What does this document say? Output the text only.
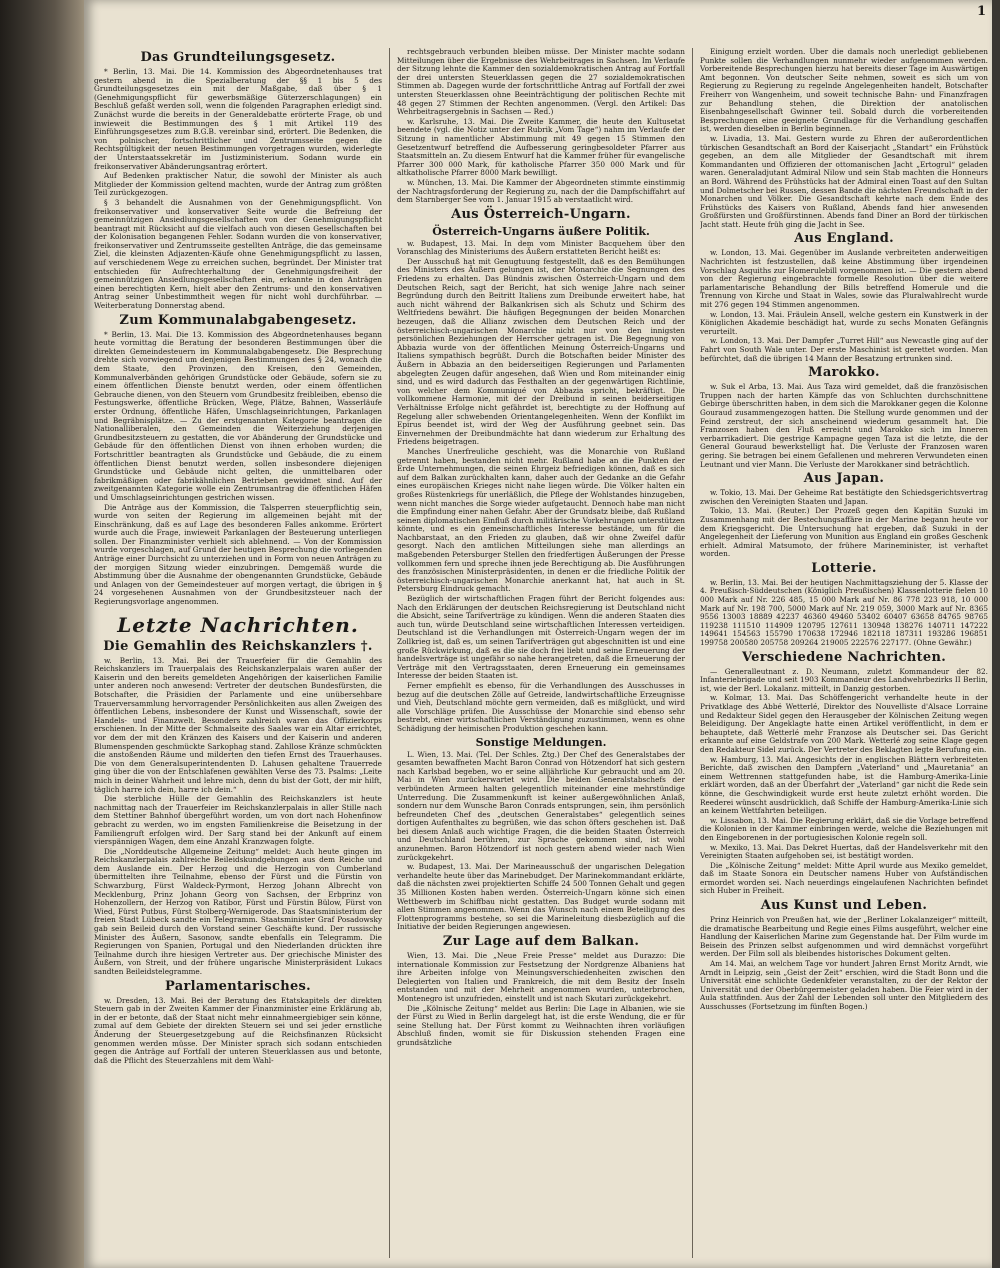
1
Das Grundteilungsgesetz.

* Berlin, 13. Mai. Die 14. Kommission des Abgeordnetenhauses trat gestern abend in die Spezialberatung der §§ 1 bis 5 des Grundteilungsgesetzes ein mit der Maßgabe, daß über § 1 (Genehmigungspflicht für gewerbsmäßige Güterzerschlagungen) ein Beschluß gefaßt werden soll, wenn die folgenden Paragraphen erledigt sind. Zunächst wurde die bereits in der Generaldebatte erörterte Frage, ob und inwieweit die Bestimmungen des § 1 mit Artikel 119 des Einführungsgesetzes zum B.G.B. vereinbar sind, erörtert. Die Bedenken, die von polnischer, fortschrittlicher und Zentrumsseite gegen die Rechtsgültigkeit der neuen Bestimmungen vorgetragen wurden, widerlegte der Unterstaatssekretär im Justizministerium. Sodann wurde ein freikonservativer Abänderungsantrag erörtert.

Auf Bedenken praktischer Natur, die sowohl der Minister als auch Mitglieder der Kommission geltend machten, wurde der Antrag zum größten Teil zurückgezogen.

§ 3 behandelt die Ausnahmen von der Genehmigungspflicht. Von freikonservativer und konservativer Seite wurde die Befreiung der gemeinnützigen Ansiedlungsgesellschaften von der Genehmigungspflicht beantragt mit Rücksicht auf die vielfach auch von diesen Gesellschaften bei der Kolonisation begangenen Fehler. Sodann wurden die von konservativer, freikonservativer und Zentrumsseite gestellten Anträge, die das gemeinsame Ziel, die kleinsten Adjazenten-Käufe ohne Genehmigungspflicht zu lassen, auf verschiedenem Wege zu erreichen suchen, begründet. Der Minister trat entschieden für Aufrechterhaltung der Genehmigungsfreiheit der gemeinnützigen Ansiedlungsgesellschaften ein, erkannte in den Anträgen einen berechtigten Kern, hielt aber den Zentrums- und den konservativen Antrag seiner Unbestimmtheit wegen für nicht wohl durchführbar. — Weiterberatung Donnerstag abend.

Zum Kommunalabgabengesetz.

* Berlin, 13. Mai. Die 13. Kommission des Abgeordnetenhauses begann heute vormittag die Beratung der besonderen Bestimmungen über die direkten Gemeindesteuern im Kommunalabgabengesetz. Die Besprechung drehte sich vorwiegend um denjenigen Bestimmungen des § 24, wonach die dem Staate, den Provinzen, den Kreisen, den Gemeinden, Kommunalverbänden gehörigen Grundstücke oder Gebäude, sofern sie zu einem öffentlichen Dienste benutzt werden, oder einem öffentlichen Gebrauche dienen, von den Steuern vom Grundbesitz freibleiben, ebenso die Festungswerke, öffentliche Brücken, Wege, Plätze, Bahnen, Wasserläufe erster Ordnung, öffentliche Häfen, Umschlagseinrichtungen, Parkanlagen und Begräbnisplätze. — Zu der erstgenannten Kategorie beantragen die Nationalliberalen, den Gemeinden die Weiterziehung derjenigen Grundbesitzsteuern zu gestatten, die vor Abänderung der Grundstücke und Gebäude für den öffentlichen Dienst von ihnen erhoben wurden; die Fortschrittler beantragten als Grundstücke und Gebäude, die zu einem öffentlichen Dienst benutzt werden, sollen insbesondere diejenigen Grundstücke und Gebäude nicht gelten, die unmittelbaren oder fabrikmäßigen oder fabrikähnlichen Betrieben gewidmet sind. Auf der zweitgenannten Kategorie wolle ein Zentrumsantrag die öffentlichen Häfen und Umschlagseinrichtungen gestrichen wissen.

Die Anträge aus der Kommission, die Talsperren steuerpflichtig sein, wurde von seiten der Regierung im allgemeinen bejaht mit der Einschränkung, daß es auf Lage des besonderen Falles ankomme. Erörtert wurde auch die Frage, inwieweit Parkanlagen der Besteuerung unterliegen sollen. Der Finanzminister verhielt sich ablehnend. — Von der Kommission wurde vorgeschlagen, auf Grund der heutigen Besprechung die vorliegenden Anträge einer Durchsicht zu unterziehen und in Form von neuen Anträgen zu der morgigen Sitzung wieder einzubringen. Demgemäß wurde die Abstimmung über die Ausnahme der obengenannten Grundstücke, Gebäude und Anlagen von der Gemeindesteuer auf morgen vertagt, die übrigen in § 24 vorgesehenen Ausnahmen von der Grundbesitzsteuer nach der Regierungsvorlage angenommen.

Letzte Nachrichten.
Die Gemahlin des Reichskanzlers †.

w. Berlin, 13. Mai. Bei der Trauerfeier für die Gemahlin des Reichskanzlers im Trauerpalais des Reichskanzlerpalais waren außer der Kaiserin und den bereits gemeldeten Angehörigen der kaiserlichen Familie unter anderen noch anwesend: Vertreter der deutschen Bundesfürsten, die Botschafter, die Präsidien der Parlamente und eine unübersehbare Trauerversammlung hervorragender Persönlichkeiten aus allen Zweigen des öffentlichen Lebens, insbesondere der Kunst und Wissenschaft, sowie der Handels- und Finanzwelt. Besonders zahlreich waren das Offizierkorps erschienen. In der Mitte der Schmalseite des Saales war ein Altar errichtet, vor dem der mit den Kränzen des Kaisers und der Kaiserin und anderen Blumenspenden geschmückte Sarkophag stand. Zahllose Kränze schmückten die anstoßenden Räume und milderten den tiefen Ernst des Trauerhauses. Die von dem Generalsuperintendenten D. Lahusen gehaltene Trauerrede ging über die von der Entschlafenen gewählten Verse des 73. Psalms: „Leite mich in deiner Wahrheit und lehre mich, denn du bist der Gott, der mir hilft, täglich harre ich dein, harre ich dein.“

Die sterbliche Hülle der Gemahlin des Reichskanzlers ist heute nachmittag nach der Trauerfeier im Reichskanzlerpalais in aller Stille nach dem Stettiner Bahnhof übergeführt worden, um von dort nach Hohenfinow gebracht zu werden, wo im engsten Familienkreise die Beisetzung in der Familiengruft erfolgen wird. Der Sarg stand bei der Ankunft auf einem vierspännigen Wagen, dem eine Anzahl Kranzwagen folgte.

Die „Norddeutsche Allgemeine Zeitung“ meldet: Auch heute gingen im Reichskanzlerpalais zahlreiche Beileidskundgebungen aus dem Reiche und dem Auslande ein. Der Herzog und die Herzogin von Cumberland übermittelten ihre Teilnahme, ebenso der Fürst und die Fürstin von Schwarzburg, Fürst Waldeck-Pyrmont, Herzog Johann Albrecht von Mecklenburg, Prinz Johann Georg von Sachsen, der Erbprinz von Hohenzollern, der Herzog von Ratibor, Fürst und Fürstin Bülow, Fürst von Wied, Fürst Putbus, Fürst Stolberg-Wernigerode. Das Staatsministerium der freien Stadt Lübeck sandte ein Telegramm. Staatsminister Graf Posadowsky gab sein Beileid durch den Vorstand seiner Geschäfte kund. Der russische Minister des Äußern, Sasonow, sandte ebenfalls ein Telegramm. Die Regierungen von Spanien, Portugal und den Niederlanden drückten ihre Teilnahme durch ihre hiesigen Vertreter aus. Der griechische Minister des Äußern, von Streit, und der frühere ungarische Ministerpräsident Lukacs sandten Beileidstelegramme.

Parlamentarisches.

w. Dresden, 13. Mai. Bei der Beratung des Etatskapitels der direkten Steuern gab in der Zweiten Kammer der Finanzminister eine Erklärung ab, in der er betonte, daß der Staat nicht mehr einnahmeergiebiger sein könne, zumal auf dem Gebiete der direkten Steuern sei und sei jeder ernstliche Änderung der Steuergesetzgebung auf die Reichsfinanzen Rücksicht genommen werden müsse. Der Minister sprach sich sodann entschieden gegen die Anträge auf Fortfall der unteren Steuerklassen aus und betonte, daß die Pflicht des Steuerzahlens mit dem Wahl-

rechtsgebrauch verbunden bleiben müsse. Der Minister machte sodann Mitteilungen über die Ergebnisse des Wehrbeitrages in Sachsen. Im Verlaufe der Sitzung lehnte die Kammer den sozialdemokratischen Antrag auf Fortfall der drei untersten Steuerklassen gegen die 27 sozialdemokratischen Stimmen ab. Dagegen wurde der fortschrittliche Antrag auf Fortfall der zwei untersten Steuerklassen ohne Beeinträchtigung der politischen Rechte mit 48 gegen 27 Stimmen der Rechten angenommen. (Vergl. den Artikel: Das Wehrbeitragsergebnis in Sachsen — Red.)

w. Karlsruhe, 13. Mai. Die Zweite Kammer, die heute den Kultusetat beendete (vgl. die Notiz unter der Rubrik „Vom Tage“) nahm im Verlaufe der Sitzung in namentlicher Abstimmung mit 49 gegen 15 Stimmen den Gesetzentwurf betreffend die Aufbesserung geringbesoldeter Pfarrer aus Staatsmitteln an. Zu diesem Entwurf hat die Kammer früher für evangelische Pfarrer 300 000 Mark, für katholische Pfarrer 350 000 Mark und für altkatholische Pfarrer 8000 Mark bewilligt.

w. München, 13. Mai. Die Kammer der Abgeordneten stimmte einstimmig der Nachtragsforderung der Regierung zu, nach der die Dampfschiffahrt auf dem Starnberger See vom 1. Januar 1915 ab verstaatlicht wird.

Aus Österreich-Ungarn.
Österreich-Ungarns äußere Politik.

w. Budapest, 13. Mai. In dem vom Minister Bacquehem über den Voranschlag des Ministeriums des Äußern erstatteten Bericht heißt es:

Der Ausschuß hat mit Genugtuung festgestellt, daß es den Bemühungen des Ministers des Äußern gelungen ist, der Monarchie die Segnungen des Friedens zu erhalten. Das Bündnis zwischen Österreich-Ungarn und dem Deutschen Reich, sagt der Bericht, hat sich wenige Jahre nach seiner Begründung durch den Beitritt Italiens zum Dreibunde erweitert habe, hat auch nicht während der Balkankrisen sich als Schutz und Schirm des Weltfriedens bewährt. Die häufigen Begegnungen der beiden Monarchen bezeugen, daß die Allianz zwischen dem Deutschen Reich und der österreichisch-ungarischen Monarchie nicht nur von den innigsten persönlichen Beziehungen der Herrscher getragen ist. Die Begegnung von Abbazia wurde von der öffentlichen Meinung Österreich-Ungarns und Italiens sympathisch begrüßt. Durch die Botschaften beider Minister des Äußern in Abbazia an den beiderseitigen Regierungen und Parlamenten abgelegten Zeugen dafür angesehen, daß Wien und Rom miteinander einig sind, und es wird dadurch das Festhalten an der gegenwärtigen Richtlinie, von welcher dem Kommuniqué von Abbazia spricht, bekräftigt. Die vollkommene Harmonie, mit der der Dreibund in seinen beiderseitigen Verhältnisse Erfolge nicht gefährdet ist, berechtigte zu der Hoffnung auf Regelung aller schwebenden Orientangelegenheiten. Wenn der Konflikt im Epirus beendet ist, wird der Weg der Ausführung geebnet sein. Das Einvernehmen der Dreibundmächte hat dann wiederum zur Erhaltung des Friedens beigetragen.

Manches Unerfreuliche geschieht, was die Monarchie von Rußland getrennt haben, bestanden nicht mehr. Rußland habe an die Punkten der Erde Unternehmungen, die seinen Ehrgeiz befriedigen können, daß es sich auf dem Balkan zurückhalten kann, daher auch der Gedanke an die Gefahr eines europäischen Krieges nicht nahe liegen würde. Die Völker halten ein großes Rüstenkriegs für unerläßlich, die Pflege der Wohlstandes hinzugeben, wenn nicht manches die Sorge wieder aufgetaucht. Dennoch habe man nicht die Empfindung einer nahen Gefahr. Aber der Grundsatz bleibe, daß Rußland seinen diplomatischen Einfluß durch militärische Vorkehrungen unterstützen könnte, und es ein gemeinschaftliches Interesse bestände, um für die Nachbarstaat, an den Frieden zu glauben, daß wir ohne Zweifel dafür gesorgt. Nach den amtlichen Mitteilungen siehe man allerdings an maßgebenden Petersburger Stellen den friedfertigen Äußerungen der Presse vollkommen fern und spreche ihnen jede Berechtigung ab. Die Ausführungen des französischen Ministerpräsidenten, in denen er die friedliche Politik der österreichisch-ungarischen Monarchie anerkannt hat, hat auch in St. Petersburg Eindruck gemacht.

Bezüglich der wirtschaftlichen Fragen führt der Bericht folgendes aus: Nach den Erklärungen der deutschen Reichsregierung ist Deutschland nicht die Absicht, seine Tarifverträge zu kündigen. Wenn die anderen Staaten dies auch tun, würde Deutschland seine wirtschaftlichen Interessen verteidigen. Deutschland ist die Verhandlungen mit Österreich-Ungarn wegen der im Zollkrieg ist, daß es, um seinen Tarifverträgen gut abgeschnitten ist und eine große Rückwirkung, daß es die sie doch frei liebt und seine Erneuerung der handelsverträge ist ungefähr so nahe herangetreten, daß die Erneuerung der Verträge mit den Vertragsstaaten, deren Erneuerung ein gemeinsames Interesse der beiden Staaten ist.

Ferner empfiehlt es ebenso, für die Verhandlungen des Ausschusses in bezug auf die deutschen Zölle auf Getreide, landwirtschaftliche Erzeugnisse und Vieh, Deutschland möchte gern vermeiden, daß es mißglückt, und wird alle Vorschläge prüfen. Die Ausschüsse der Monarchie sind ebenso sehr bestrebt, einer wirtschaftlichen Verständigung zuzustimmen, wenn es ohne Schädigung der heimischen Produktion geschehen kann.

Sonstige Meldungen.

L. Wien, 13. Mai. (Tel. Der Schles. Ztg.) Der Chef des Generalstabes der gesamten bewaffneten Macht Baron Conrad von Hötzendorf hat sich gestern nach Karlsbad begeben, wo er seine alljährliche Kur gebraucht und am 20. Mai in Wien zurückerwartet wird. Die beiden Generalstabschefs der verbündeten Armeen halten gelegentlich miteinander eine mehrstündige Unterredung. Die Zusammenkunft ist keiner außergewöhnlichen Anlaß, sondern nur dem Wunsche Baron Conrads entsprungen, sein, ihm persönlich befreundeten Chef des „deutschen Generalstabes“ gelegentlich seines dortigen Aufenthaltes zu begrüßen, wie das schon öfters geschehen ist. Daß bei diesem Anlaß auch wichtige Fragen, die die beiden Staaten Österreich und Deutschland berühren, zur Sprache gekommen sind, ist wohl anzunehmen. Baron Hötzendorf ist noch gestern abend wieder nach Wien zurückgekehrt.

w. Budapest, 13. Mai. Der Marineausschuß der ungarischen Delegation verhandelte heute über das Marinebudget. Der Marinekommandant erklärte, daß die nächsten zwei projektierten Schiffe 24 500 Tonnen Gehalt und gegen 35 Millionen Kosten haben werden. Österreich-Ungarn könne sich einen Wettbewerb im Schiffbau nicht gestatten. Das Budget wurde sodann mit allen Stimmen angenommen. Wenn das Wunsch nach einem Beteiligung des Flottenprogramms bestehe, so sei die Marineleitung diesbezüglich auf die Initiative der beiden Regierungen angewiesen.

Zur Lage auf dem Balkan.

Wien, 13. Mai. Die „Neue Freie Presse“ meldet aus Durazzo: Die internationale Kommission zur Festsetzung der Nordgrenze Albaniens hat ihre Arbeiten infolge von Meinungsverschiedenheiten zwischen den Delegierten von Italien und Frankreich, die mit dem Besitz der Inseln entstanden und mit der Mehrheit angenommen wurden, unterbrochen, Montenegro ist unzufrieden, einstellt und ist nach Skutari zurückgekehrt.

Die „Kölnische Zeitung“ meldet aus Berlin: Die Lage in Albanien, wie sie der Fürst zu Wied in Berlin dargelegt hat, ist die erste Wendung, die er für seine Stellung hat. Der Fürst kommt zu Weihnachten ihren vorläufigen Abschluß finden, womit sie für Diskussion stehenden Fragen eine grundsätzliche

Einigung erzielt worden. Über die damals noch unerledigt gebliebenen Punkte sollen die Verhandlungen nunmehr wieder aufgenommen werden. Vorbereitende Besprechungen hierzu hat bereits dieser Tage im Auswärtigen Amt begonnen. Von deutscher Seite nehmen, soweit es sich um von Regierung zu Regierung zu regelnde Angelegenheiten handelt, Botschafter Freiherr von Wangenheim, und soweit technische Bahn- und Finanzfragen zur Behandlung stehen, die Direktion der anatolischen Eisenbahngesellschaft Gwinner teil. Sobald durch die vorbereitenden Besprechungen eine geeignete Grundlage für die Verhandlung geschaffen ist, werden dieselben in Berlin beginnen.

w. Livadia, 13. Mai. Gestern wurde zu Ehren der außerordentlichen türkischen Gesandtschaft an Bord der Kaiserjacht „Standart“ ein Frühstück gegeben, an dem alle Mitglieder der Gesandtschaft mit ihrem Kommandanten und Offizieren der ottomanischen Jacht „Ertogrul“ geladen waren. Generaladjutant Admiral Nilow und sein Stab machten die Honneurs an Bord. Während des Frühstücks hat der Admiral einen Toast auf den Sultan und Dolmetscher bei Russen, dessen Bande die nächsten Freundschaft in der Monarchen und Völker. Die Gesandtschaft kehrte nach dem Ende des Frühstücks des Kaisers von Rußland, Abends fand hier anwesenden Großfürsten und Großfürstinnen. Abends fand Diner an Bord der türkischen Jacht statt. Heute früh ging die Jacht in See.

Aus England.

w. London, 13. Mai. Gegenüber im Auslande verbreiteten anderweitigen Nachrichten ist festzustellen, daß keine Abstimmung über irgendeinen Vorschlag Asquiths zur Homerulebill vorgenommen ist. — Die gestern abend von der Regierung eingebrachte formelle Resolution über die weitere parlamentarische Behandlung der Bills betreffend Homerule und die Trennung von Kirche und Staat in Wales, sowie das Pluralwahlrecht wurde mit 276 gegen 194 Stimmen angenommen.

w. London, 13. Mai. Fräulein Ansell, welche gestern ein Kunstwerk in der Königlichen Akademie beschädigt hat, wurde zu sechs Monaten Gefängnis verurteilt.

w. London, 13. Mai. Der Dampfer „Turret Hill“ aus Newcastle ging auf der Fahrt von South Wale unter. Der erste Maschinist ist gerettet worden. Man befürchtet, daß die übrigen 14 Mann der Besatzung ertrunken sind.

Marokko.

w. Suk el Arba, 13. Mai. Aus Taza wird gemeldet, daß die französischen Truppen nach der harten Kämpfe das von Schluchten durchschnittene Gebirge überschritten haben, in dem sich die Marokkaner gegen die Kolonne Gouraud zusammengezogen hatten. Die Stellung wurde genommen und der Feind zerstreut, der sich anscheinend wiederum gesammelt hat. Die Franzosen haben den Fluß erreicht und Marokko sich im Inneren verbarrikadiert. Die gestrige Kampagne gegen Taza ist die letzte, die der General Gouraud bewerkstelligt hat. Die Verluste der Franzosen waren gering. Sie betragen bei einem Gefallenen und mehreren Verwundeten einen Leutnant und vier Mann. Die Verluste der Marokkaner sind beträchtlich.

Aus Japan.

w. Tokio, 13. Mai. Der Geheime Rat bestätigte den Schiedsgerichtsvertrag zwischen den Vereinigten Staaten und Japan.

Tokio, 13. Mai. (Reuter.) Der Prozeß gegen den Kapitän Suzuki im Zusammenhang mit der Bestechungsaffäre in der Marine begann heute vor dem Kriegsgericht. Die Untersuchung hat ergeben, daß Suzuki in der Angelegenheit der Lieferung von Munition aus England ein großes Geschenk erhielt. Admiral Matsumoto, der frühere Marineminister, ist verhaftet worden.

Lotterie.

w. Berlin, 13. Mai. Bei der heutigen Nachmittagsziehung der 5. Klasse der 4. Preußisch-Süddeutschen (Königlich Preußischen) Klassenlotterie fielen 10 000 Mark auf Nr. 226 485, 15 000 Mark auf Nr. 86 778 223 918, 10 000 Mark auf Nr. 198 700, 5000 Mark auf Nr. 219 059, 3000 Mark auf Nr. 8365 9556 13003 18889 42237 46360 49460 53402 60407 63658 84765 98765 119238 111510 114909 120795 127611 130948 138276 140711 147222 149641 154563 155790 170638 172946 182118 187311 193286 196851 199758 200580 205758 209264 219005 222576 227177. (Ohne Gewähr.)

Verschiedene Nachrichten.

— Generalleutnant z. D. Neumann, zuletzt Kommandeur der 82. Infanteriebrigade und seit 1903 Kommandeur des Landwehrbezirks II Berlin, ist, wie der Berl. Lokalanz. mitteilt, in Danzig gestorben.

w. Kolmar, 13. Mai. Das Schöffengericht verhandelte heute in der Privatklage des Abbé Wetterlé, Direktor des Nouvelliste d'Alsace Lorraine und Redakteur Sidel gegen den Herausgeber der Kölnischen Zeitung wegen Beleidigung. Der Angeklagte hatte einen Artikel veröffentlicht, in dem er behauptete, daß Wetterlé mehr Franzose als Deutscher sei. Das Gericht erkannte auf eine Geldstrafe von 200 Mark. Wetterlé zog seine Klage gegen den Redakteur Sidel zurück. Der Vertreter des Beklagten legte Berufung ein.

w. Hamburg, 13. Mai. Angesichts der in englischen Blättern verbreiteten Berichte, daß zwischen den Dampfern „Vaterland“ und „Mauretania“ an einem Wettrennen stattgefunden habe, ist die Hamburg-Amerika-Linie erklärt worden, daß an der Überfahrt der „Vaterland“ gar nicht die Rede sein könne, die Geschwindigkeit wurde erst heute zuletzt erhöht worden. Die Reederei wünscht ausdrücklich, daß Schiffe der Hamburg-Amerika-Linie sich an keinem Wettfahrten beteiligen.

w. Lissabon, 13. Mai. Die Regierung erklärt, daß sie die Vorlage betreffend die Kolonien in der Kammer einbringen werde, welche die Beziehungen mit den Eingeborenen in der portugiesischen Kolonie regeln soll.

w. Mexiko, 13. Mai. Das Dekret Huertas, daß der Handelsverkehr mit den Vereinigten Staaten aufgehoben sei, ist bestätigt worden.

Die „Kölnische Zeitung“ meldet: Mitte April wurde aus Mexiko gemeldet, daß im Staate Sonora ein Deutscher namens Huber von Aufständischen ermordet worden sei. Nach neuerdings eingelaufenen Nachrichten befindet sich Huber in Freiheit.

Aus Kunst und Leben.

Prinz Heinrich von Preußen hat, wie der „Berliner Lokalanzeiger“ mitteilt, die dramatische Bearbeitung und Regie eines Films ausgeführt, welcher eine Handlung der Kaiserlichen Marine zum Gegenstande hat. Der Film wurde im Beisein des Prinzen selbst aufgenommen und wird demnächst vorgeführt werden. Der Film soll als bleibendes historisches Dokument gelten.

Am 14. Mai, an welchem Tage vor hundert Jahren Ernst Moritz Arndt, wie Arndt in Leipzig, sein „Geist der Zeit“ erschien, wird die Stadt Bonn und die Universität eine schlichte Gedenkfeier veranstalten, zu der der Rektor der Universität und der Oberbürgermeister geladen haben. Die Feier wird in der Aula stattfinden. Aus der Zahl der Lebenden soll unter den Mitgliedern des Ausschusses (Fortsetzung im fünften Bogen.)
